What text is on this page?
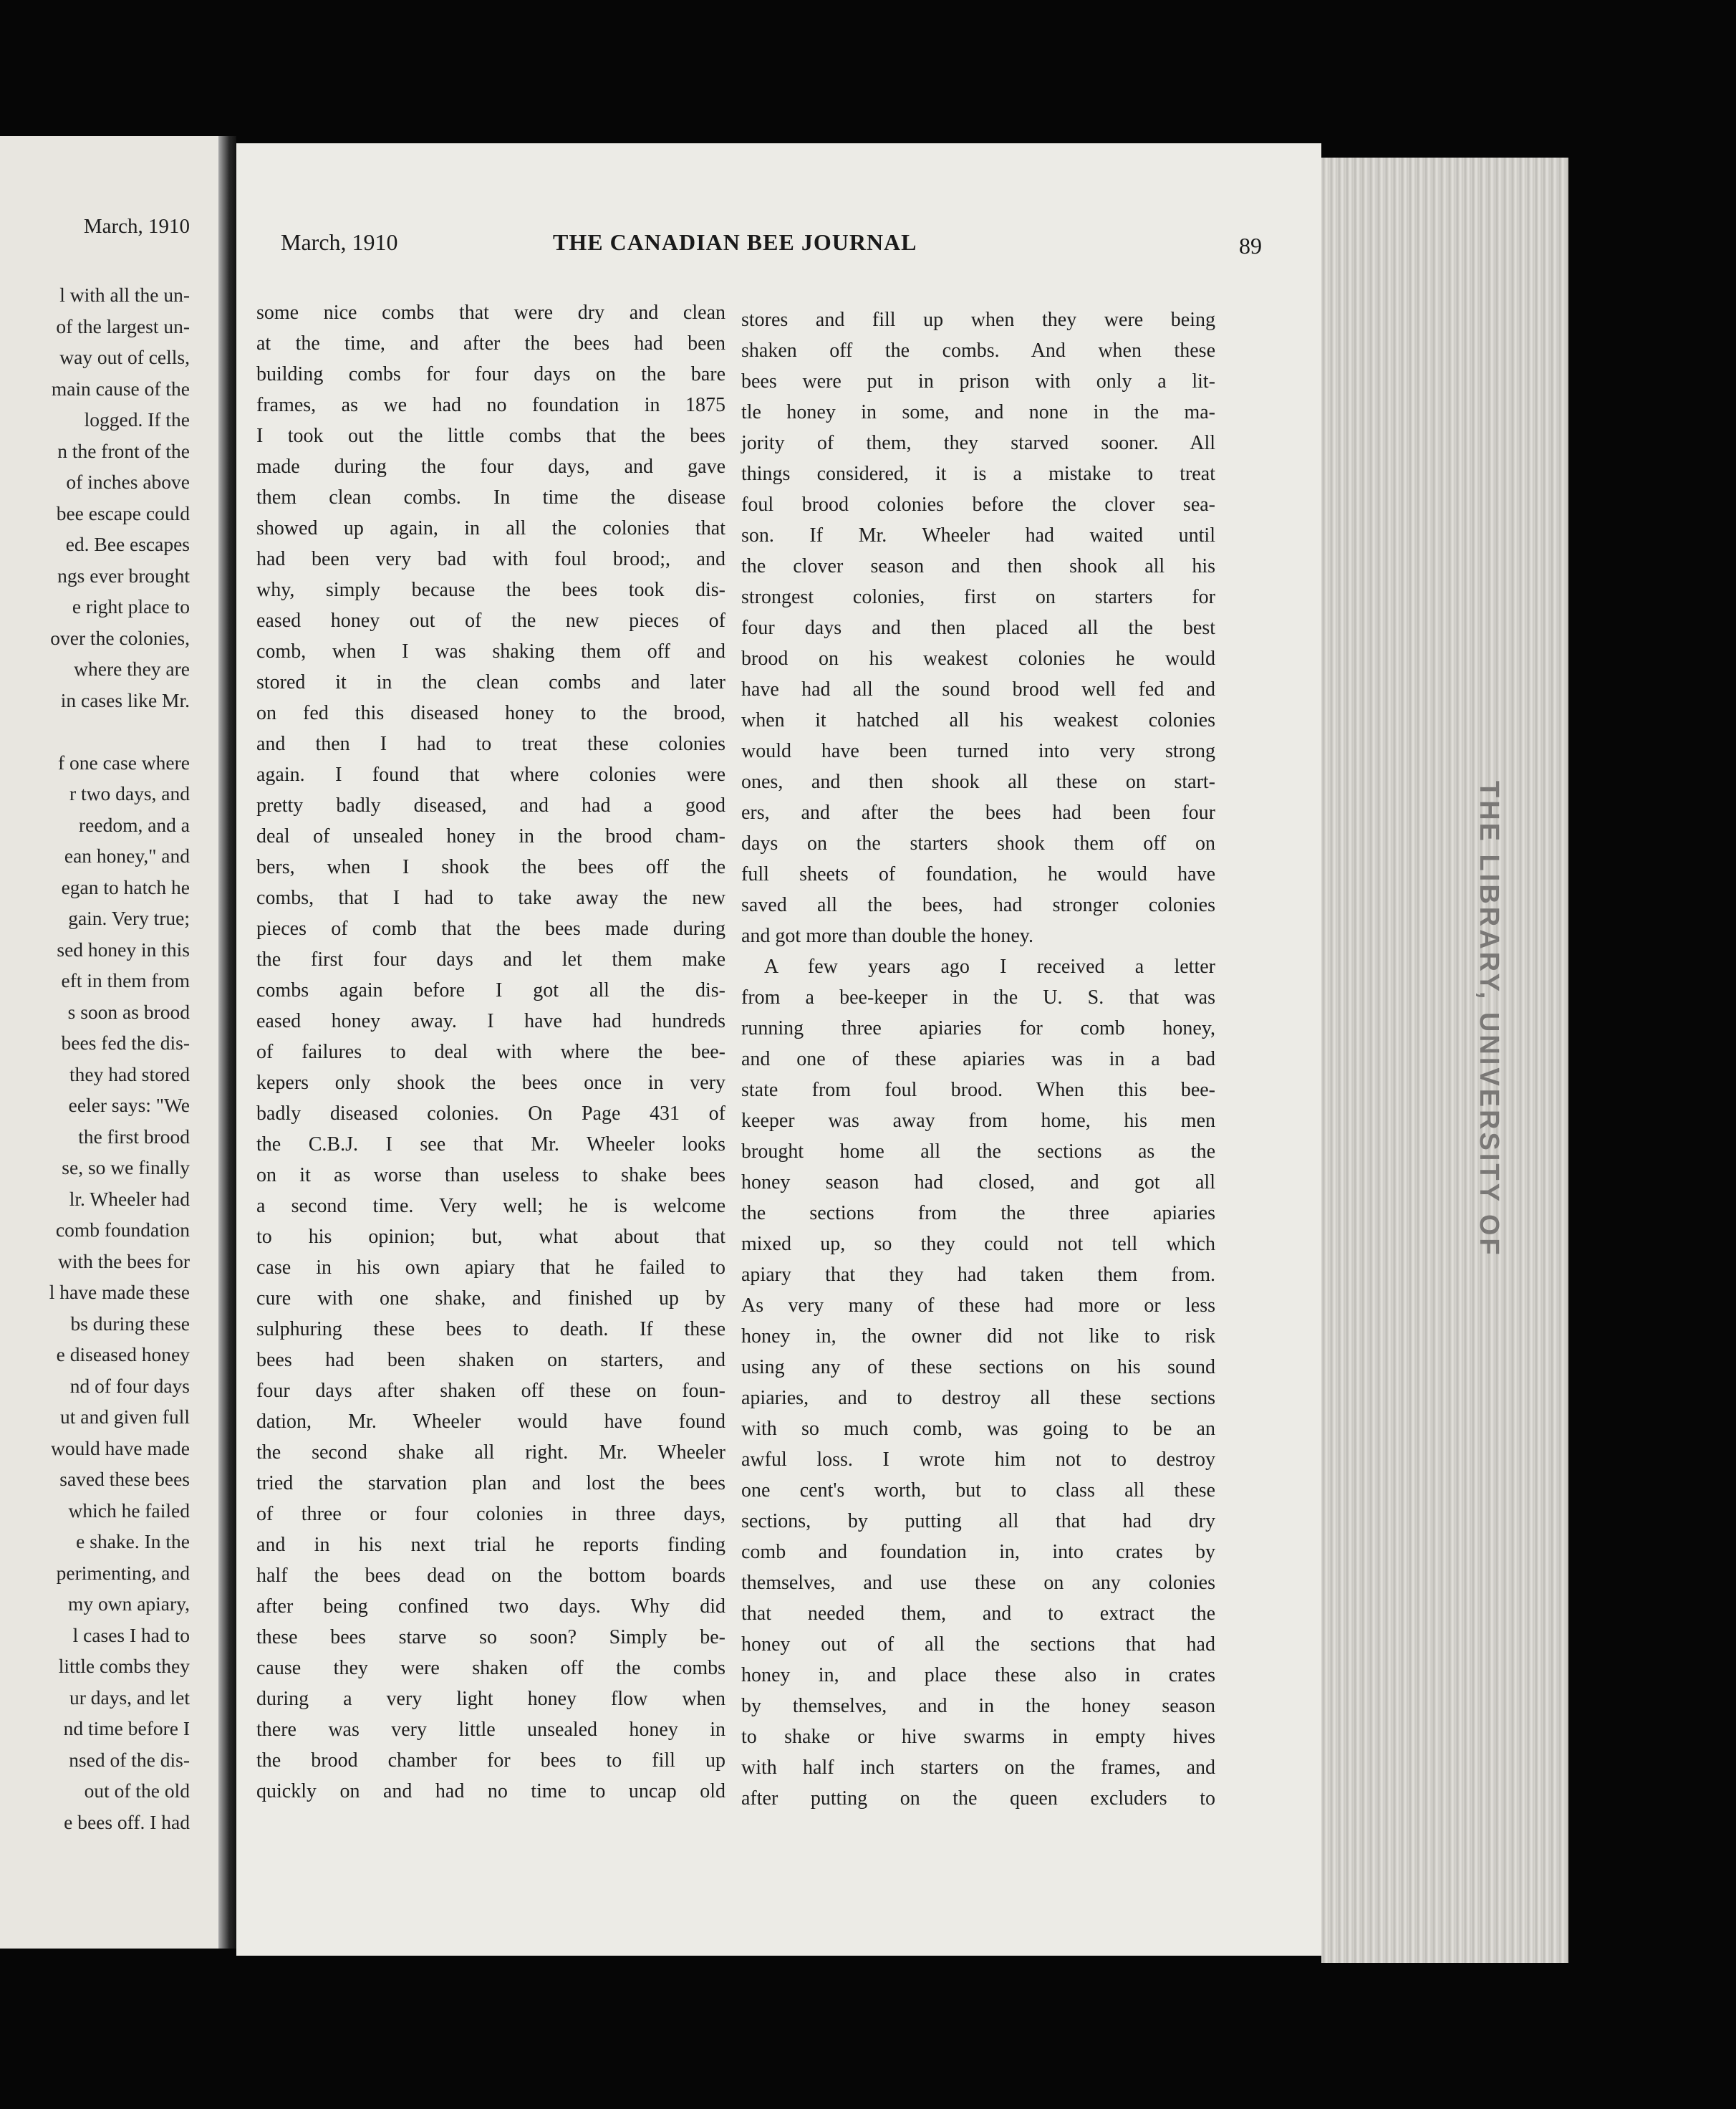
March, 1910
l with all the un-
of the largest un-
way out of cells,
main cause of the
logged. If the
n the front of the
of inches above
bee escape could
ed. Bee escapes
ngs ever brought
e right place to
over the colonies,
where they are
in cases like Mr.

f one case where
r two days, and
reedom, and a
ean honey," and
egan to hatch he
gain. Very true;
sed honey in this
eft in them from
s soon as brood
bees fed the dis-
they had stored
eeler says: "We
the first brood
se, so we finally
lr. Wheeler had
comb foundation
with the bees for
l have made these
bs during these
e diseased honey
nd of four days
ut and given full
would have made
saved these bees
which he failed
e shake. In the
perimenting, and
my own apiary,
l cases I had to
little combs they
ur days, and let
nd time before I
nsed of the dis-
out of the old
e bees off. I had
March, 1910	THE CANADIAN BEE JOURNAL	89
some nice combs that were dry and clean
at the time, and after the bees had been
building combs for four days on the bare
frames, as we had no foundation in 1875
I took out the little combs that the bees
made during the four days, and gave
them clean combs. In time the disease
showed up again, in all the colonies that
had been very bad with foul brood;, and
why, simply because the bees took dis-
eased honey out of the new pieces of
comb, when I was shaking them off and
stored it in the clean combs and later
on fed this diseased honey to the brood,
and then I had to treat these colonies
again. I found that where colonies were
pretty badly diseased, and had a good
deal of unsealed honey in the brood cham-
bers, when I shook the bees off the
combs, that I had to take away the new
pieces of comb that the bees made during
the first four days and let them make
combs again before I got all the dis-
eased honey away. I have had hundreds
of failures to deal with where the bee-
kepers only shook the bees once in very
badly diseased colonies. On Page 431 of
the C.B.J. I see that Mr. Wheeler looks
on it as worse than useless to shake bees
a second time. Very well; he is welcome
to his opinion; but, what about that
case in his own apiary that he failed to
cure with one shake, and finished up by
sulphuring these bees to death. If these
bees had been shaken on starters, and
four days after shaken off these on foun-
dation, Mr. Wheeler would have found
the second shake all right. Mr. Wheeler
tried the starvation plan and lost the bees
of three or four colonies in three days,
and in his next trial he reports finding
half the bees dead on the bottom boards
after being confined two days. Why did
these bees starve so soon? Simply be-
cause they were shaken off the combs
during a very light honey flow when
there was very little unsealed honey in
the brood chamber for bees to fill up
quickly on and had no time to uncap old
stores and fill up when they were being
shaken off the combs. And when these
bees were put in prison with only a lit-
tle honey in some, and none in the ma-
jority of them, they starved sooner. All
things considered, it is a mistake to treat
foul brood colonies before the clover sea-
son. If Mr. Wheeler had waited until
the clover season and then shook all his
strongest colonies, first on starters for
four days and then placed all the best
brood on his weakest colonies he would
have had all the sound brood well fed and
when it hatched all his weakest colonies
would have been turned into very strong
ones, and then shook all these on start-
ers, and after the bees had been four
days on the starters shook them off on
full sheets of foundation, he would have
saved all the bees, had stronger colonies
and got more than double the honey.
A few years ago I received a letter
from a bee-keeper in the U. S. that was
running three apiaries for comb honey,
and one of these apiaries was in a bad
state from foul brood. When this bee-
keeper was away from home, his men
brought home all the sections as the
honey season had closed, and got all
the sections from the three apiaries
mixed up, so they could not tell which
apiary that they had taken them from.
As very many of these had more or less
honey in, the owner did not like to risk
using any of these sections on his sound
apiaries, and to destroy all these sections
with so much comb, was going to be an
awful loss. I wrote him not to destroy
one cent's worth, but to class all these
sections, by putting all that had dry
comb and foundation in, into crates by
themselves, and use these on any colonies
that needed them, and to extract the
honey out of all the sections that had
honey in, and place these also in crates
by themselves, and in the honey season
to shake or hive swarms in empty hives
with half inch starters on the frames, and
after putting on the queen excluders to
